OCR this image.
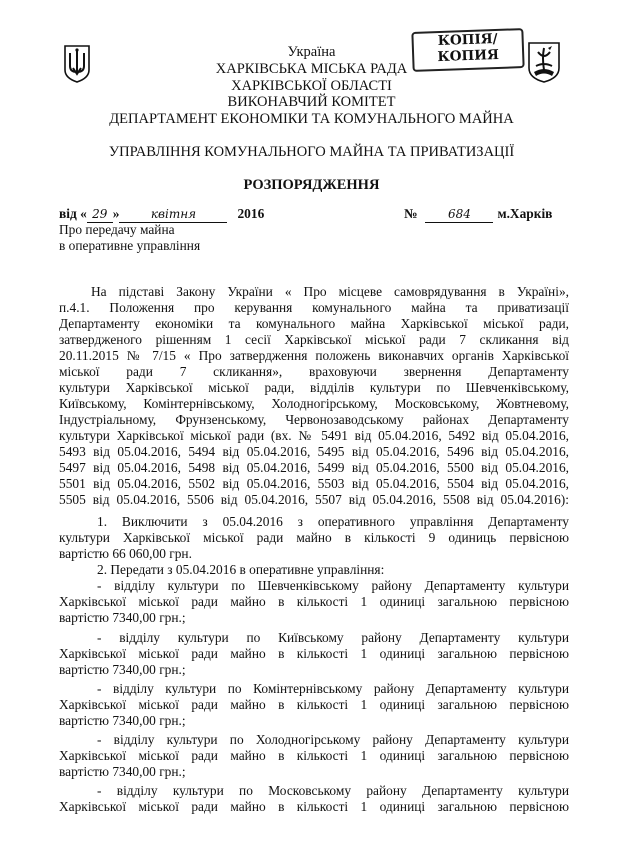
КОПІЯ/
КОПИЯ
Україна
ХАРКІВСЬКА МІСЬКА РАДА
ХАРКІВСЬКОЇ ОБЛАСТІ
ВИКОНАВЧИЙ КОМІТЕТ
ДЕПАРТАМЕНТ ЕКОНОМІКИ ТА КОМУНАЛЬНОГО МАЙНА
УПРАВЛІННЯ КОМУНАЛЬНОГО МАЙНА ТА ПРИВАТИЗАЦІЇ
РОЗПОРЯДЖЕННЯ
від « 29 »	квітня	2016	№	684 м.Харків
Про передачу майна
в оперативне управління
На підставі Закону України « Про місцеве самоврядування в Україні»,
п.4.1. Положення про керування комунального майна та приватизації
Департаменту економіки та комунального майна Харківської міської ради,
затвердженого рішенням 1 сесії Харківської міської ради 7 скликання від
20.11.2015 № 7/15 « Про затвердження положень виконавчих органів Харківської
міської ради 7 скликання», враховуючи звернення Департаменту
культури Харківської міської ради, відділів культури по Шевченківському,
Київському, Комінтернівському, Холодногірському, Московському, Жовтневому,
Індустріальному, Фрунзенському, Червонозаводському районах Департаменту
культури Харківської міської ради (вх. № 5491 від 05.04.2016, 5492 від 05.04.2016,
5493 від 05.04.2016, 5494 від 05.04.2016, 5495 від 05.04.2016, 5496 від 05.04.2016,
5497 від 05.04.2016, 5498 від 05.04.2016, 5499 від 05.04.2016, 5500 від 05.04.2016,
5501 від 05.04.2016, 5502 від 05.04.2016, 5503 від 05.04.2016, 5504 від 05.04.2016,
5505 від 05.04.2016, 5506 від 05.04.2016, 5507 від 05.04.2016, 5508 від 05.04.2016):
1. Виключити з 05.04.2016 з оперативного управління Департаменту
культури Харківської міської ради майно в кількості 9 одиниць первісною
вартістю 66 060,00 грн.
2. Передати з 05.04.2016 в оперативне управління:
- відділу культури по Шевченківському району Департаменту культури
Харківської міської ради майно в кількості 1 одиниці загальною первісною
вартістю 7340,00 грн.;
- відділу культури по Київському району Департаменту культури
Харківської міської ради майно в кількості 1 одиниці загальною первісною
вартістю 7340,00 грн.;
- відділу культури по Комінтернівському району Департаменту культури
Харківської міської ради майно в кількості 1 одиниці загальною первісною
вартістю 7340,00 грн.;
- відділу культури по Холодногірському району Департаменту культури
Харківської міської ради майно в кількості 1 одиниці загальною первісною
вартістю 7340,00 грн.;
- відділу культури по Московському району Департаменту культури
Харківської міської ради майно в кількості 1 одиниці загальною первісною
